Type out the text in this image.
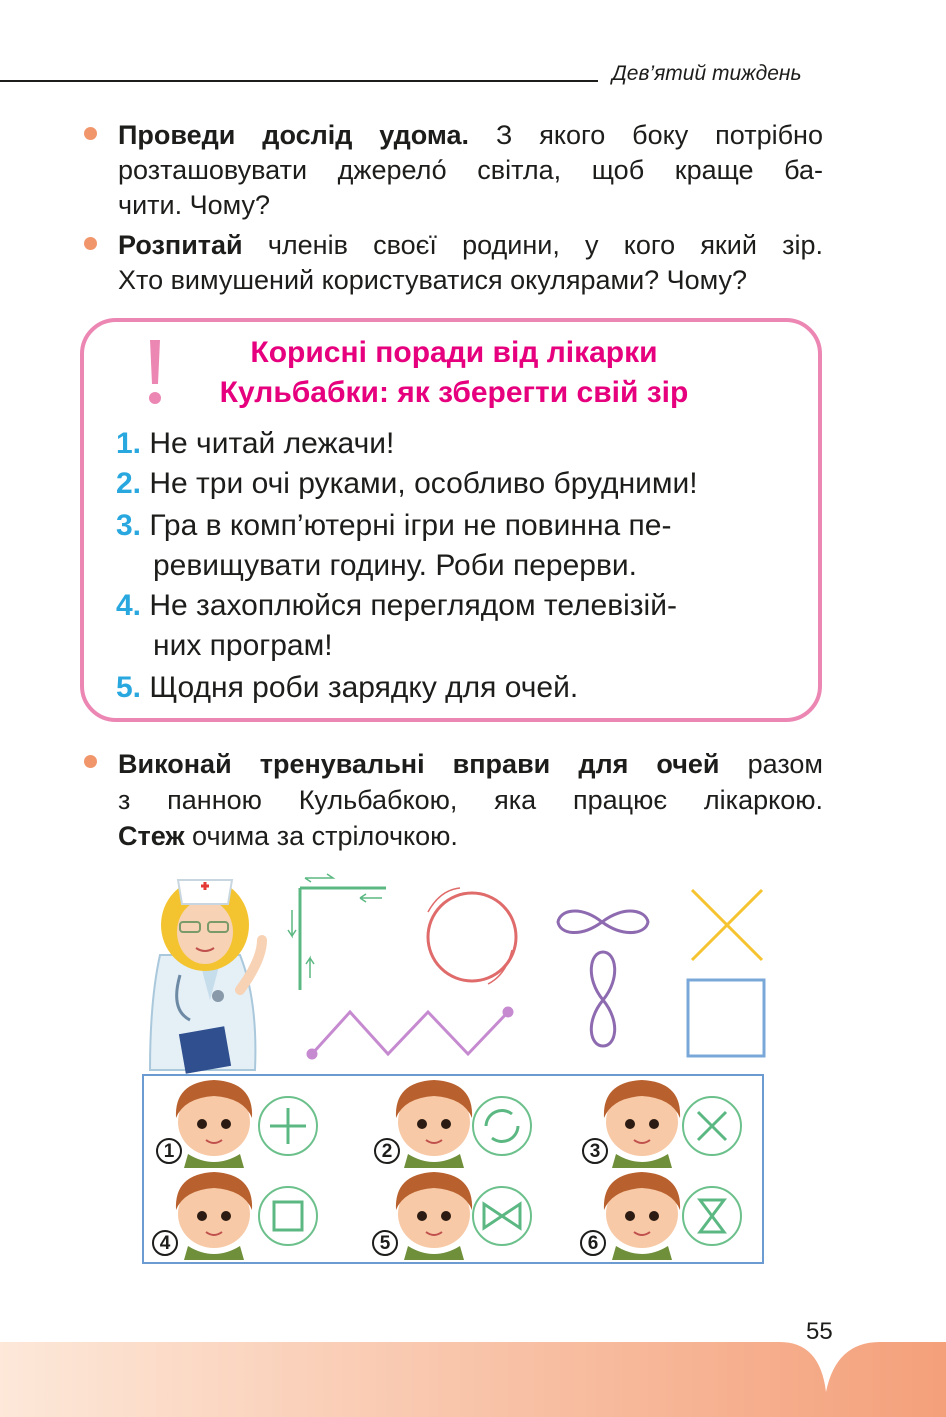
Дев’ятий тиждень
Проведи дослід удома. З якого боку потрібно
розташовувати джерело́ світла, щоб краще ба-
чити. Чому?
Розпитай членів своєї родини, у кого який зір.
Хто вимушений користуватися окулярами? Чому?
Корисні поради від лікарки
Кульбабки: як зберегти свій зір
1. Не читай лежачи!
2. Не три очі руками, особливо брудними!
3. Гра в комп’ютерні ігри не повинна пе-
ревищувати годину. Роби перерви.
4. Не захоплюйся переглядом телевізій-
них програм!
5. Щодня роби зарядку для очей.
Виконай тренувальні вправи для очей разом
з панною Кульбабкою, яка працює лікаркою.
Стеж очима за стрілочкою.
1	2	3
4	5	6
55
